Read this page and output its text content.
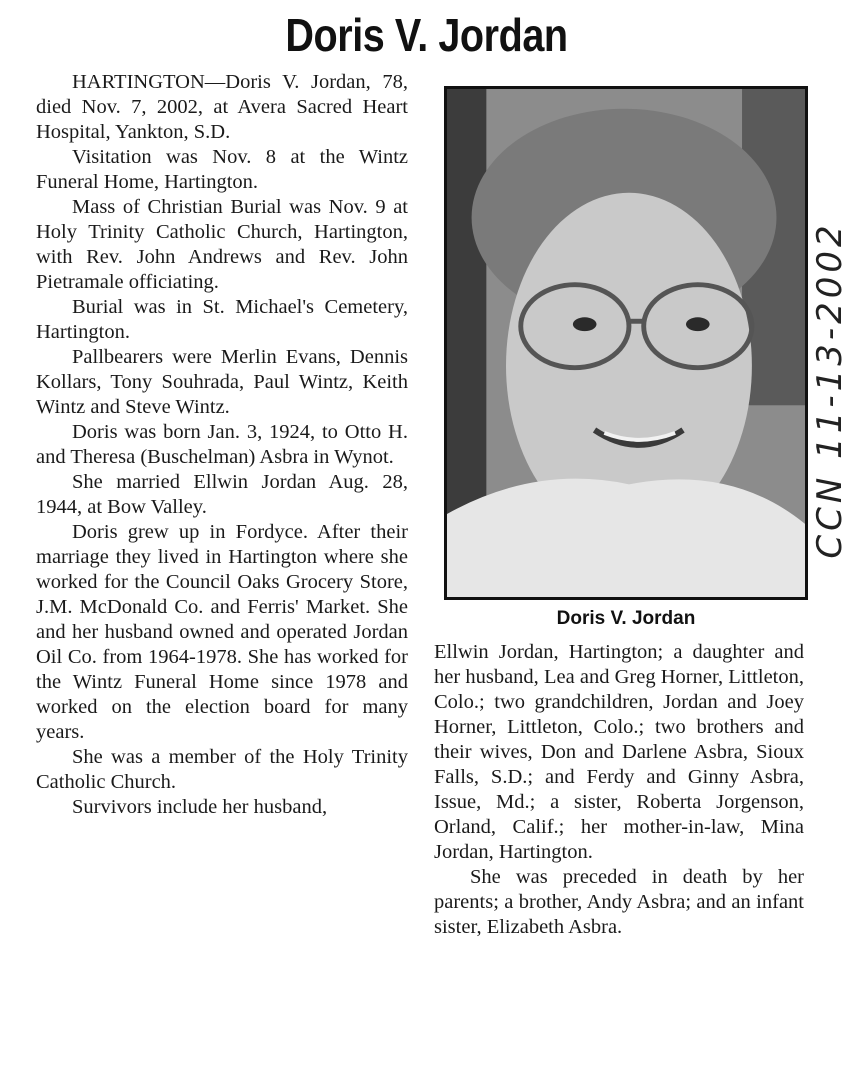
Doris V. Jordan

HARTINGTON—Doris V. Jordan, 78, died Nov. 7, 2002, at Avera Sacred Heart Hospital, Yankton, S.D.

Visitation was Nov. 8 at the Wintz Funeral Home, Hartington.

Mass of Christian Burial was Nov. 9 at Holy Trinity Catholic Church, Hartington, with Rev. John Andrews and Rev. John Pietramale officiating.

Burial was in St. Michael's Cemetery, Hartington.

Pallbearers were Merlin Evans, Dennis Kollars, Tony Souhrada, Paul Wintz, Keith Wintz and Steve Wintz.

Doris was born Jan. 3, 1924, to Otto H. and Theresa (Buschelman) Asbra in Wynot.

She married Ellwin Jordan Aug. 28, 1944, at Bow Valley.

Doris grew up in Fordyce. After their marriage they lived in Hartington where she worked for the Council Oaks Grocery Store, J.M. McDonald Co. and Ferris' Market. She and her husband owned and operated Jordan Oil Co. from 1964-1978. She has worked for the Wintz Funeral Home since 1978 and worked on the election board for many years.

She was a member of the Holy Trinity Catholic Church.

Survivors include her husband,

Doris V. Jordan

Ellwin Jordan, Hartington; a daughter and her husband, Lea and Greg Horner, Littleton, Colo.; two grandchildren, Jordan and Joey Horner, Littleton, Colo.; two brothers and their wives, Don and Darlene Asbra, Sioux Falls, S.D.; and Ferdy and Ginny Asbra, Issue, Md.; a sister, Roberta Jorgenson, Orland, Calif.; her mother-in-law, Mina Jordan, Hartington.

She was preceded in death by her parents; a brother, Andy Asbra; and an infant sister, Elizabeth Asbra.

CCN 11-13-2002
